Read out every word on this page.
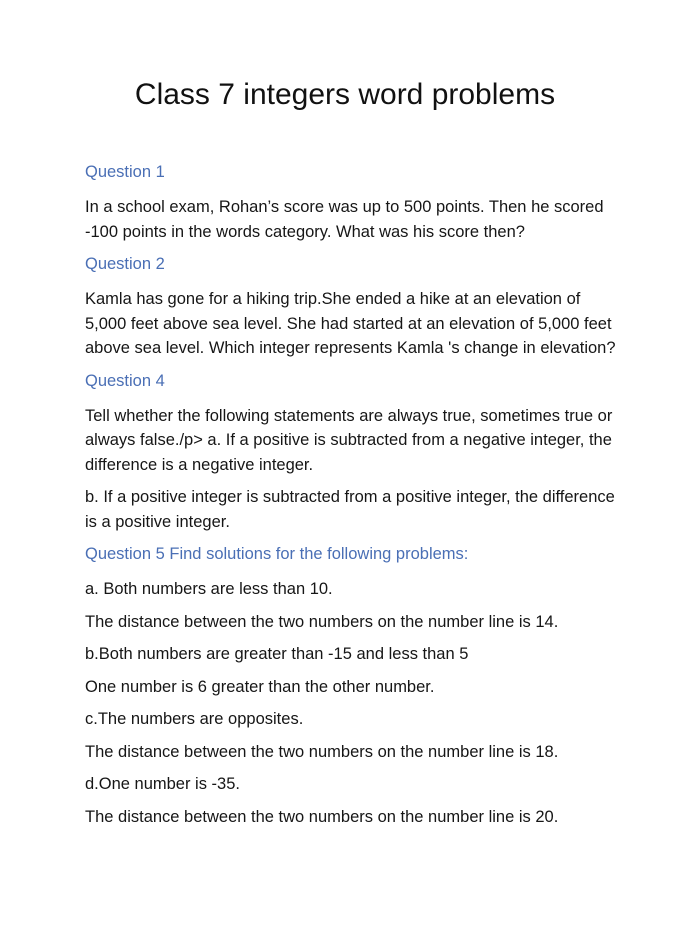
Class 7 integers word problems
Question 1

In a school exam, Rohan’s score was up to 500 points. Then he scored -100 points in the words category. What was his score then?

Question 2

Kamla has gone for a hiking trip.She ended a hike at an elevation of 5,000 feet above sea level. She had started at an elevation of 5,000 feet above sea level. Which integer represents Kamla 's change in elevation?

Question 4

Tell whether the following statements are always true, sometimes true or always false./p> a. If a positive is subtracted from a negative integer, the difference is a negative integer.

b. If a positive integer is subtracted from a positive integer, the difference is a positive integer.

Question 5 Find solutions for the following problems:

a. Both numbers are less than 10.

The distance between the two numbers on the number line is 14.

b.Both numbers are greater than -15 and less than 5

One number is 6 greater than the other number.

c.The numbers are opposites.

The distance between the two numbers on the number line is 18.

d.One number is -35.

The distance between the two numbers on the number line is 20.
